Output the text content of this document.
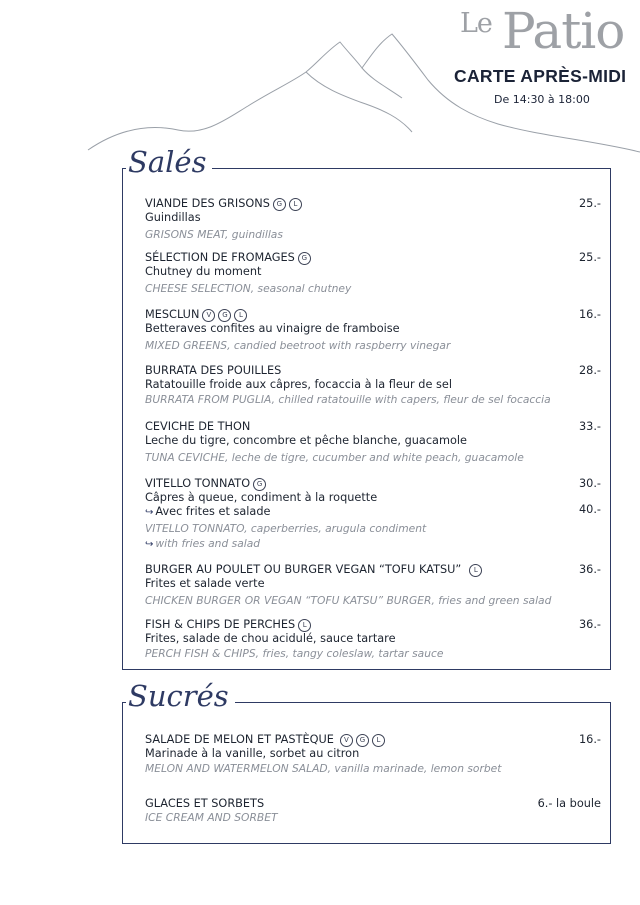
Le Patio
CARTE APRÈS-MIDI
De 14:30 à 18:00
Salés
VIANDE DES GRISONS G L
Guindillas
GRISONS MEAT, guindillas
25.-
SÉLECTION DE FROMAGES G
Chutney du moment
CHEESE SELECTION, seasonal chutney
25.-
MESCLUN V G L
Betteraves confites au vinaigre de framboise
MIXED GREENS, candied beetroot with raspberry vinegar
16.-
BURRATA DES POUILLES
Ratatouille froide aux câpres, focaccia à la fleur de sel
BURRATA FROM PUGLIA, chilled ratatouille with capers, fleur de sel focaccia
28.-
CEVICHE DE THON
Leche du tigre, concombre et pêche blanche, guacamole
TUNA CEVICHE, leche de tigre, cucumber and white peach, guacamole
33.-
VITELLO TONNATO G
Câpres à queue, condiment à la roquette
↪ Avec frites et salade
VITELLO TONNATO, caperberries, arugula condiment
↪ with fries and salad
30.-
40.-
BURGER AU POULET OU BURGER VEGAN “TOFU KATSU” L
Frites et salade verte
CHICKEN BURGER OR VEGAN “TOFU KATSU” BURGER, fries and green salad
36.-
FISH & CHIPS DE PERCHES L
Frites, salade de chou acidulé, sauce tartare
PERCH FISH & CHIPS, fries, tangy coleslaw, tartar sauce
36.-
Sucrés
SALADE DE MELON ET PASTÈQUE V G L
Marinade à la vanille, sorbet au citron
MELON AND WATERMELON SALAD, vanilla marinade, lemon sorbet
16.-
GLACES ET SORBETS
ICE CREAM AND SORBET
6.- la boule
